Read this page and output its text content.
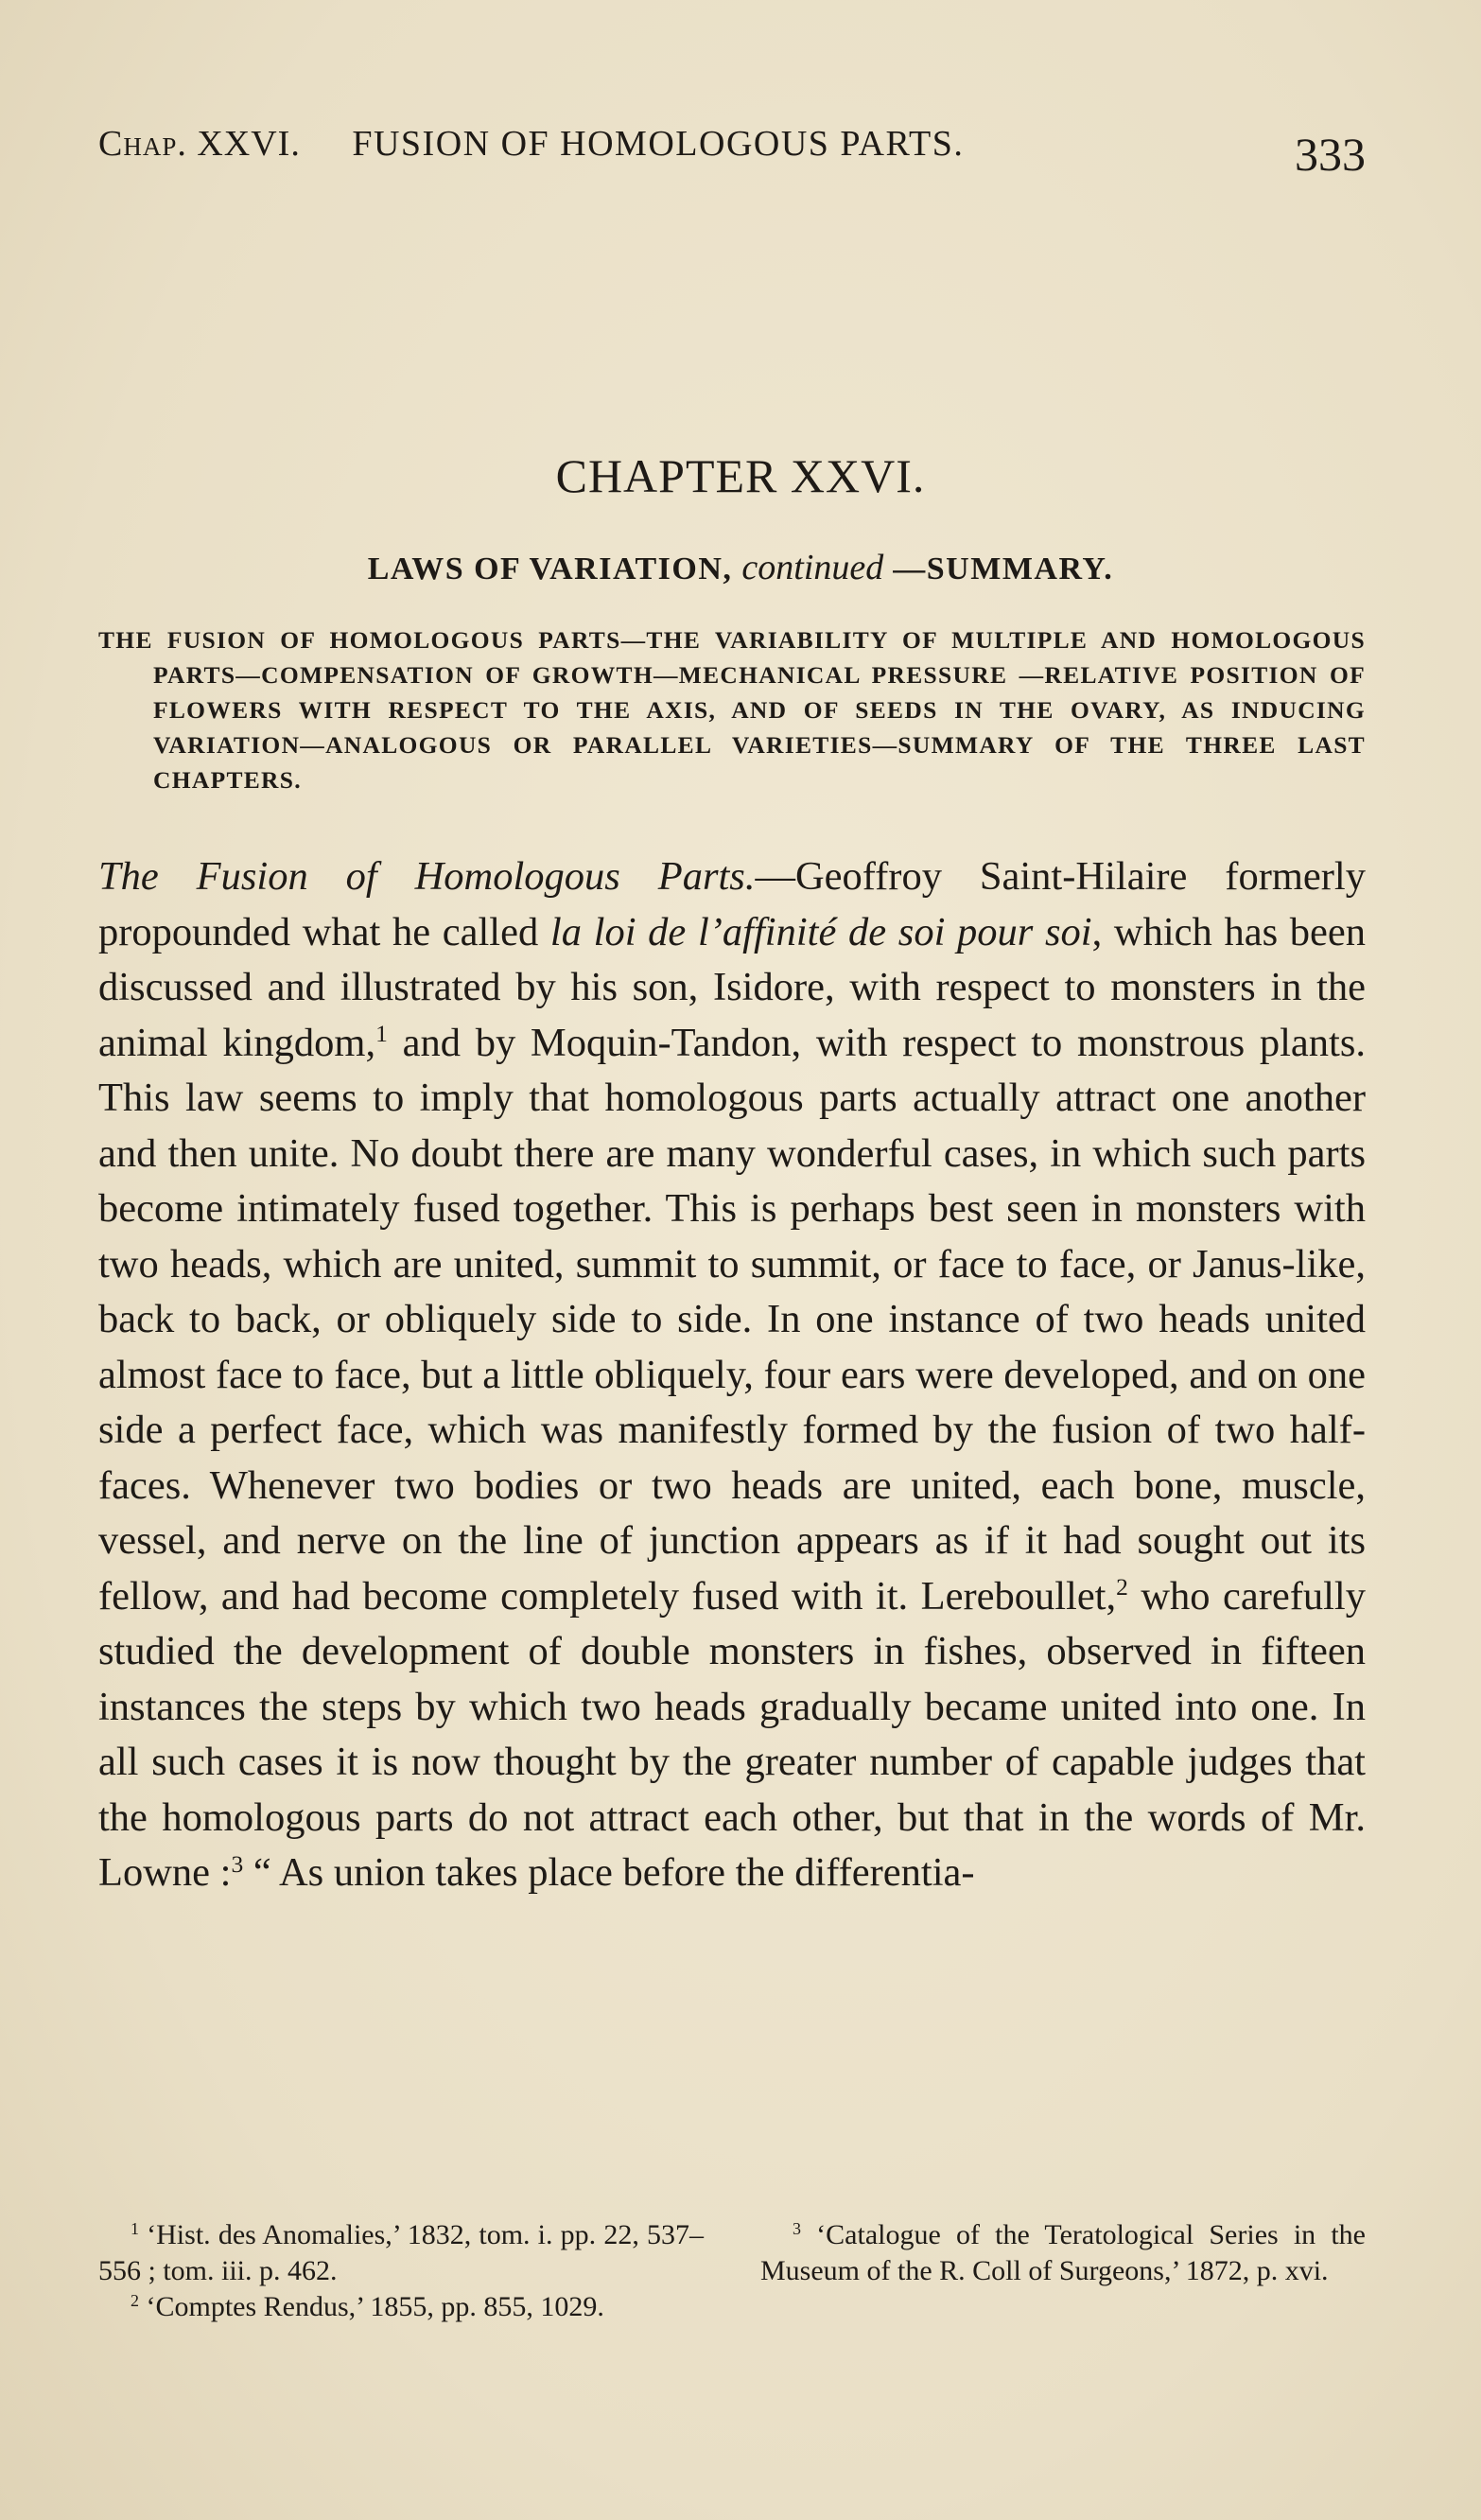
Chap. XXVI. FUSION OF HOMOLOGOUS PARTS.	333
CHAPTER XXVI.
LAWS OF VARIATION, continued —SUMMARY.
THE FUSION OF HOMOLOGOUS PARTS—THE VARIABILITY OF MULTIPLE AND HOMOLOGOUS PARTS—COMPENSATION OF GROWTH—MECHANICAL PRESSURE —RELATIVE POSITION OF FLOWERS WITH RESPECT TO THE AXIS, AND OF SEEDS IN THE OVARY, AS INDUCING VARIATION—ANALOGOUS OR PARALLEL VARIETIES—SUMMARY OF THE THREE LAST CHAPTERS.
The Fusion of Homologous Parts.—Geoffroy Saint-Hilaire formerly propounded what he called la loi de l’affinité de soi pour soi, which has been discussed and illustrated by his son, Isidore, with respect to monsters in the animal kingdom,$^1$ and by Moquin-Tandon, with respect to monstrous plants. This law seems to imply that homologous parts actually attract one another and then unite. No doubt there are many wonderful cases, in which such parts become intimately fused together. This is perhaps best seen in monsters with two heads, which are united, summit to summit, or face to face, or Janus-like, back to back, or obliquely side to side. In one instance of two heads united almost face to face, but a little obliquely, four ears were developed, and on one side a perfect face, which was manifestly formed by the fusion of two half-faces. Whenever two bodies or two heads are united, each bone, muscle, vessel, and nerve on the line of junction appears as if it had sought out its fellow, and had become completely fused with it. Lereboullet,$^2$ who carefully studied the development of double monsters in fishes, observed in fifteen instances the steps by which two heads gradually became united into one. In all such cases it is now thought by the greater number of capable judges that the homologous parts do not attract each other, but that in the words of Mr. Lowne :$^3$ “ As union takes place before the differentia-

$^1$ ‘Hist. des Anomalies,’ 1832, tom. i. pp. 22, 537–556 ; tom. iii. p. 462.

$^2$ ‘Comptes Rendus,’ 1855, pp. 855, 1029.

$^3$ ‘Catalogue of the Teratological Series in the Museum of the R. Coll of Surgeons,’ 1872, p. xvi.
